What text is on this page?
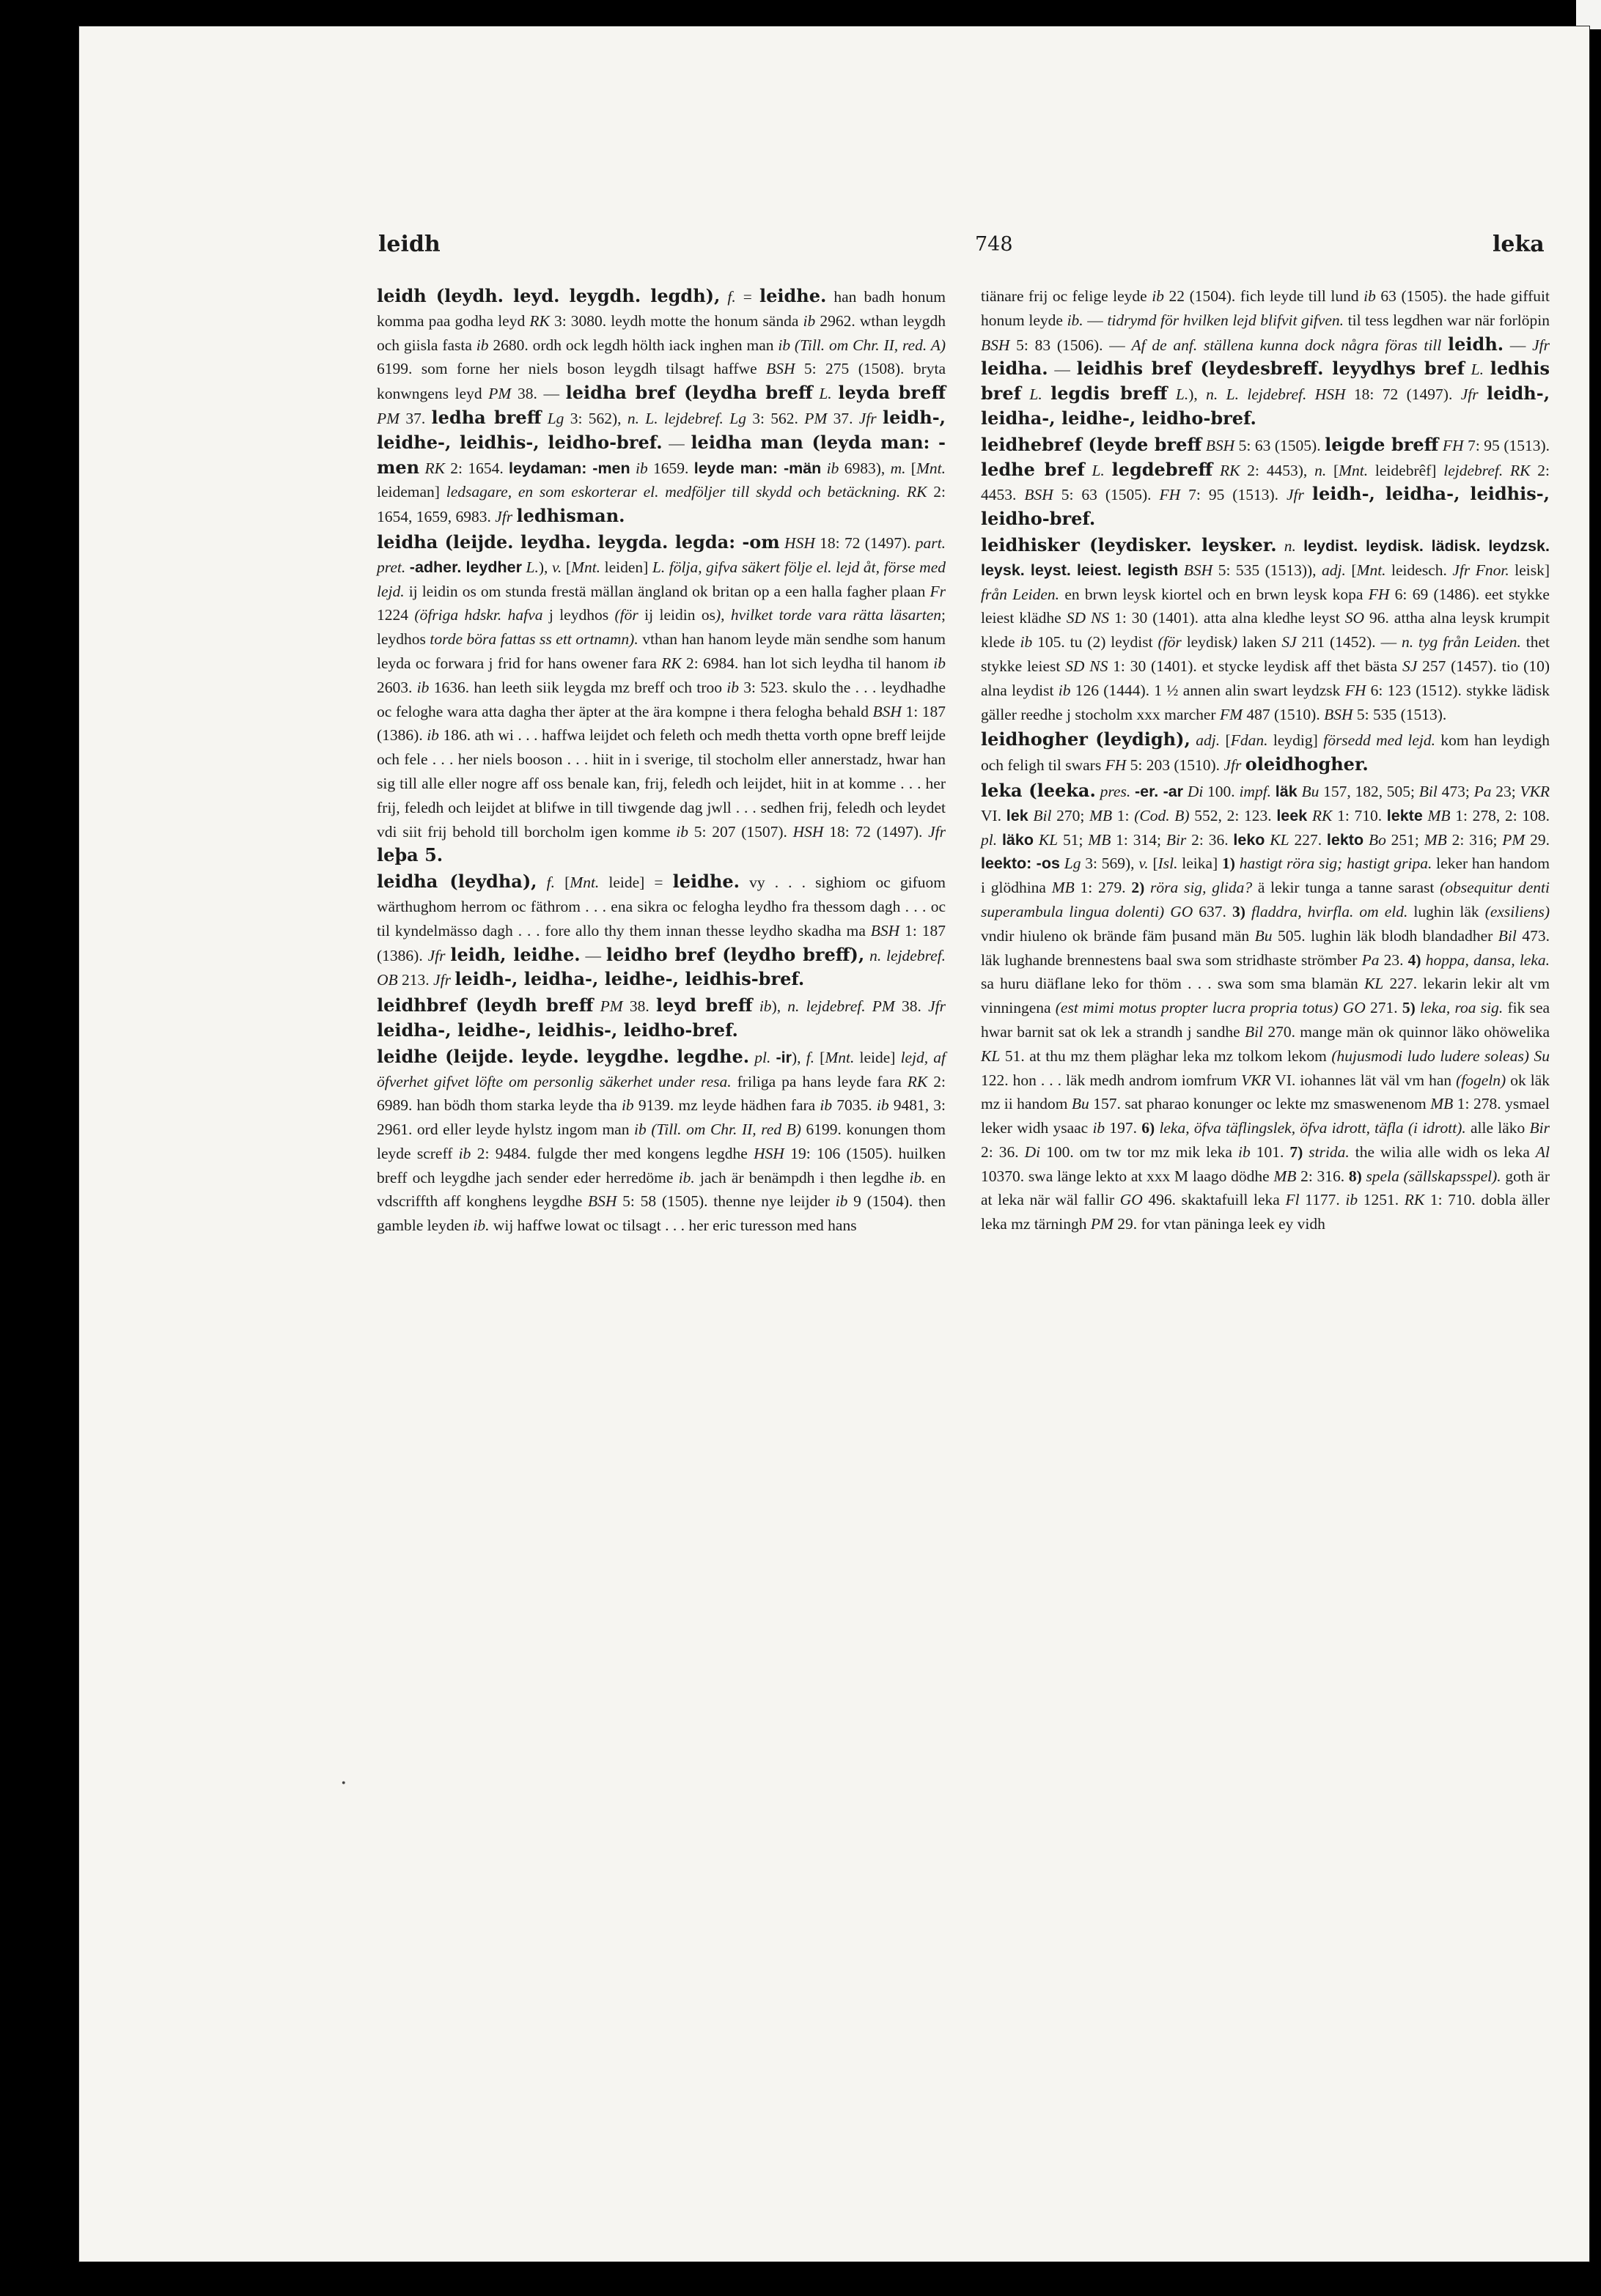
leidh	748	leka

leidh (leydh. leyd. leygdh. legdh), f. = leidhe. han badh honum komma paa godha leyd RK 3: 3080. leydh motte the honum sända ib 2962. wthan leygdh och giisla fasta ib 2680. ordh ock legdh hölth iack inghen man ib (Till. om Chr. II, red. A) 6199. som forne her niels boson leygdh tilsagt haffwe BSH 5: 275 (1508). bryta konwngens leyd PM 38. — leidha bref (leydha breff L. leyda breff PM 37. ledha breff Lg 3: 562), n. L. lejdebref. Lg 3: 562. PM 37. Jfr leidh-, leidhe-, leidhis-, leidho-bref. — leidha man (leyda man: -men RK 2: 1654. leydaman: -men ib 1659. leyde man: -män ib 6983), m. [Mnt. leideman] ledsagare, en som eskorterar el. medföljer till skydd och betäckning. RK 2: 1654, 1659, 6983. Jfr ledhisman.

leidha (leijde. leydha. leygda. legda: -om HSH 18: 72 (1497). part. pret. -adher. leydher L.), v. [Mnt. leiden] L. följa, gifva säkert följe el. lejd åt, förse med lejd. ij leidin os om stunda frestä mällan ängland ok britan op a een halla fagher plaan Fr 1224 (öfriga hdskr. hafva j leydhos (för ij leidin os), hvilket torde vara rätta läsarten; leydhos torde böra fattas ss ett ortnamn). vthan han hanom leyde män sendhe som hanum leyda oc forwara j frid for hans owener fara RK 2: 6984. han lot sich leydha til hanom ib 2603. ib 1636. han leeth siik leygda mz breff och troo ib 3: 523. skulo the . . . leydhadhe oc feloghe wara atta dagha ther äpter at the ära kompne i thera felogha behald BSH 1: 187 (1386). ib 186. ath wi . . . haffwa leijdet och feleth och medh thetta vorth opne breff leijde och fele . . . her niels booson . . . hiit in i sverige, til stocholm eller annerstadz, hwar han sig till alle eller nogre aff oss benale kan, frij, feledh och leijdet, hiit in at komme . . . her frij, feledh och leijdet at blifwe in till tiwgende dag jwll . . . sedhen frij, feledh och leydet vdi siit frij behold till borcholm igen komme ib 5: 207 (1507). HSH 18: 72 (1497). Jfr leþa 5.

leidha (leydha), f. [Mnt. leide] = leidhe. vy . . . sighiom oc gifuom wärthughom herrom oc fäthrom . . . ena sikra oc felogha leydho fra thessom dagh . . . oc til kyndelmässo dagh . . . fore allo thy them innan thesse leydho skadha ma BSH 1: 187 (1386). Jfr leidh, leidhe. — leidho bref (leydho breff), n. lejdebref. OB 213. Jfr leidh-, leidha-, leidhe-, leidhis-bref.

leidhbref (leydh breff PM 38. leyd breff ib), n. lejdebref. PM 38. Jfr leidha-, leidhe-, leidhis-, leidho-bref.

leidhe (leijde. leyde. leygdhe. legdhe. pl. -ir), f. [Mnt. leide] lejd, af öfverhet gifvet löfte om personlig säkerhet under resa. friliga pa hans leyde fara RK 2: 6989. han bödh thom starka leyde tha ib 9139. mz leyde hädhen fara ib 7035. ib 9481, 3: 2961. ord eller leyde hylstz ingom man ib (Till. om Chr. II, red B) 6199. konungen thom leyde screff ib 2: 9484. fulgde ther med kongens legdhe HSH 19: 106 (1505). huilken breff och leygdhe jach sender eder herredöme ib. jach är benämpdh i then legdhe ib. en vdscriffth aff konghens leygdhe BSH 5: 58 (1505). thenne nye leijder ib 9 (1504). then gamble leyden ib. wij haffwe lowat oc tilsagt . . . her eric turesson med hans

tiänare frij oc felige leyde ib 22 (1504). fich leyde till lund ib 63 (1505). the hade giffuit honum leyde ib. — tidrymd för hvilken lejd blifvit gifven. til tess legdhen war när forlöpin BSH 5: 83 (1506). — Af de anf. ställena kunna dock några föras till leidh. — Jfr leidha. — leidhis bref (leydesbreff. leyydhys bref L. ledhis bref L. legdis breff L.), n. L. lejdebref. HSH 18: 72 (1497). Jfr leidh-, leidha-, leidhe-, leidho-bref.

leidhebref (leyde breff BSH 5: 63 (1505). leigde breff FH 7: 95 (1513). ledhe bref L. legdebreff RK 2: 4453), n. [Mnt. leidebrêf] lejdebref. RK 2: 4453. BSH 5: 63 (1505). FH 7: 95 (1513). Jfr leidh-, leidha-, leidhis-, leidho-bref.

leidhisker (leydisker. leysker. n. leydist. leydisk. lädisk. leydzsk. leysk. leyst. leiest. legisth BSH 5: 535 (1513)), adj. [Mnt. leidesch. Jfr Fnor. leisk] från Leiden. en brwn leysk kiortel och en brwn leysk kopa FH 6: 69 (1486). eet stykke leiest klädhe SD NS 1: 30 (1401). atta alna kledhe leyst SO 96. attha alna leysk krumpit klede ib 105. tu (2) leydist (för leydisk) laken SJ 211 (1452). — n. tyg från Leiden. thet stykke leiest SD NS 1: 30 (1401). et stycke leydisk aff thet bästa SJ 257 (1457). tio (10) alna leydist ib 126 (1444). 1 ½ annen alin swart leydzsk FH 6: 123 (1512). stykke lädisk gäller reedhe j stocholm xxx marcher FM 487 (1510). BSH 5: 535 (1513).

leidhogher (leydigh), adj. [Fdan. leydig] försedd med lejd. kom han leydigh och feligh til swars FH 5: 203 (1510). Jfr oleidhogher.

leka (leeka. pres. -er. -ar Di 100. impf. läk Bu 157, 182, 505; Bil 473; Pa 23; VKR VI. lek Bil 270; MB 1: (Cod. B) 552, 2: 123. leek RK 1: 710. lekte MB 1: 278, 2: 108. pl. läko KL 51; MB 1: 314; Bir 2: 36. leko KL 227. lekto Bo 251; MB 2: 316; PM 29. leekto: -os Lg 3: 569), v. [Isl. leika] 1) hastigt röra sig; hastigt gripa. leker han handom i glödhina MB 1: 279. 2) röra sig, glida? ä lekir tunga a tanne sarast (obsequitur denti superambula lingua dolenti) GO 637. 3) fladdra, hvirfla. om eld. lughin läk (exsiliens) vndir hiuleno ok brände fäm þusand män Bu 505. lughin läk blodh blandadher Bil 473. läk lughande brennestens baal swa som stridhaste strömber Pa 23. 4) hoppa, dansa, leka. sa huru diäflane leko for thöm . . . swa som sma blamän KL 227. lekarin lekir alt vm vinningena (est mimi motus propter lucra propria totus) GO 271. 5) leka, roa sig. fik sea hwar barnit sat ok lek a strandh j sandhe Bil 270. mange män ok quinnor läko ohöwelika KL 51. at thu mz them pläghar leka mz tolkom lekom (hujusmodi ludo ludere soleas) Su 122. hon . . . läk medh androm iomfrum VKR VI. iohannes lät väl vm han (fogeln) ok läk mz ii handom Bu 157. sat pharao konunger oc lekte mz smaswenenom MB 1: 278. ysmael leker widh ysaac ib 197. 6) leka, öfva täflingslek, öfva idrott, täfla (i idrott). alle läko Bir 2: 36. Di 100. om tw tor mz mik leka ib 101. 7) strida. the wilia alle widh os leka Al 10370. swa länge lekto at xxx M laago dödhe MB 2: 316. 8) spela (sällskapsspel). goth är at leka när wäl fallir GO 496. skaktafuill leka Fl 1177. ib 1251. RK 1: 710. dobla äller leka mz tärningh PM 29. for vtan päninga leek ey vidh

·
